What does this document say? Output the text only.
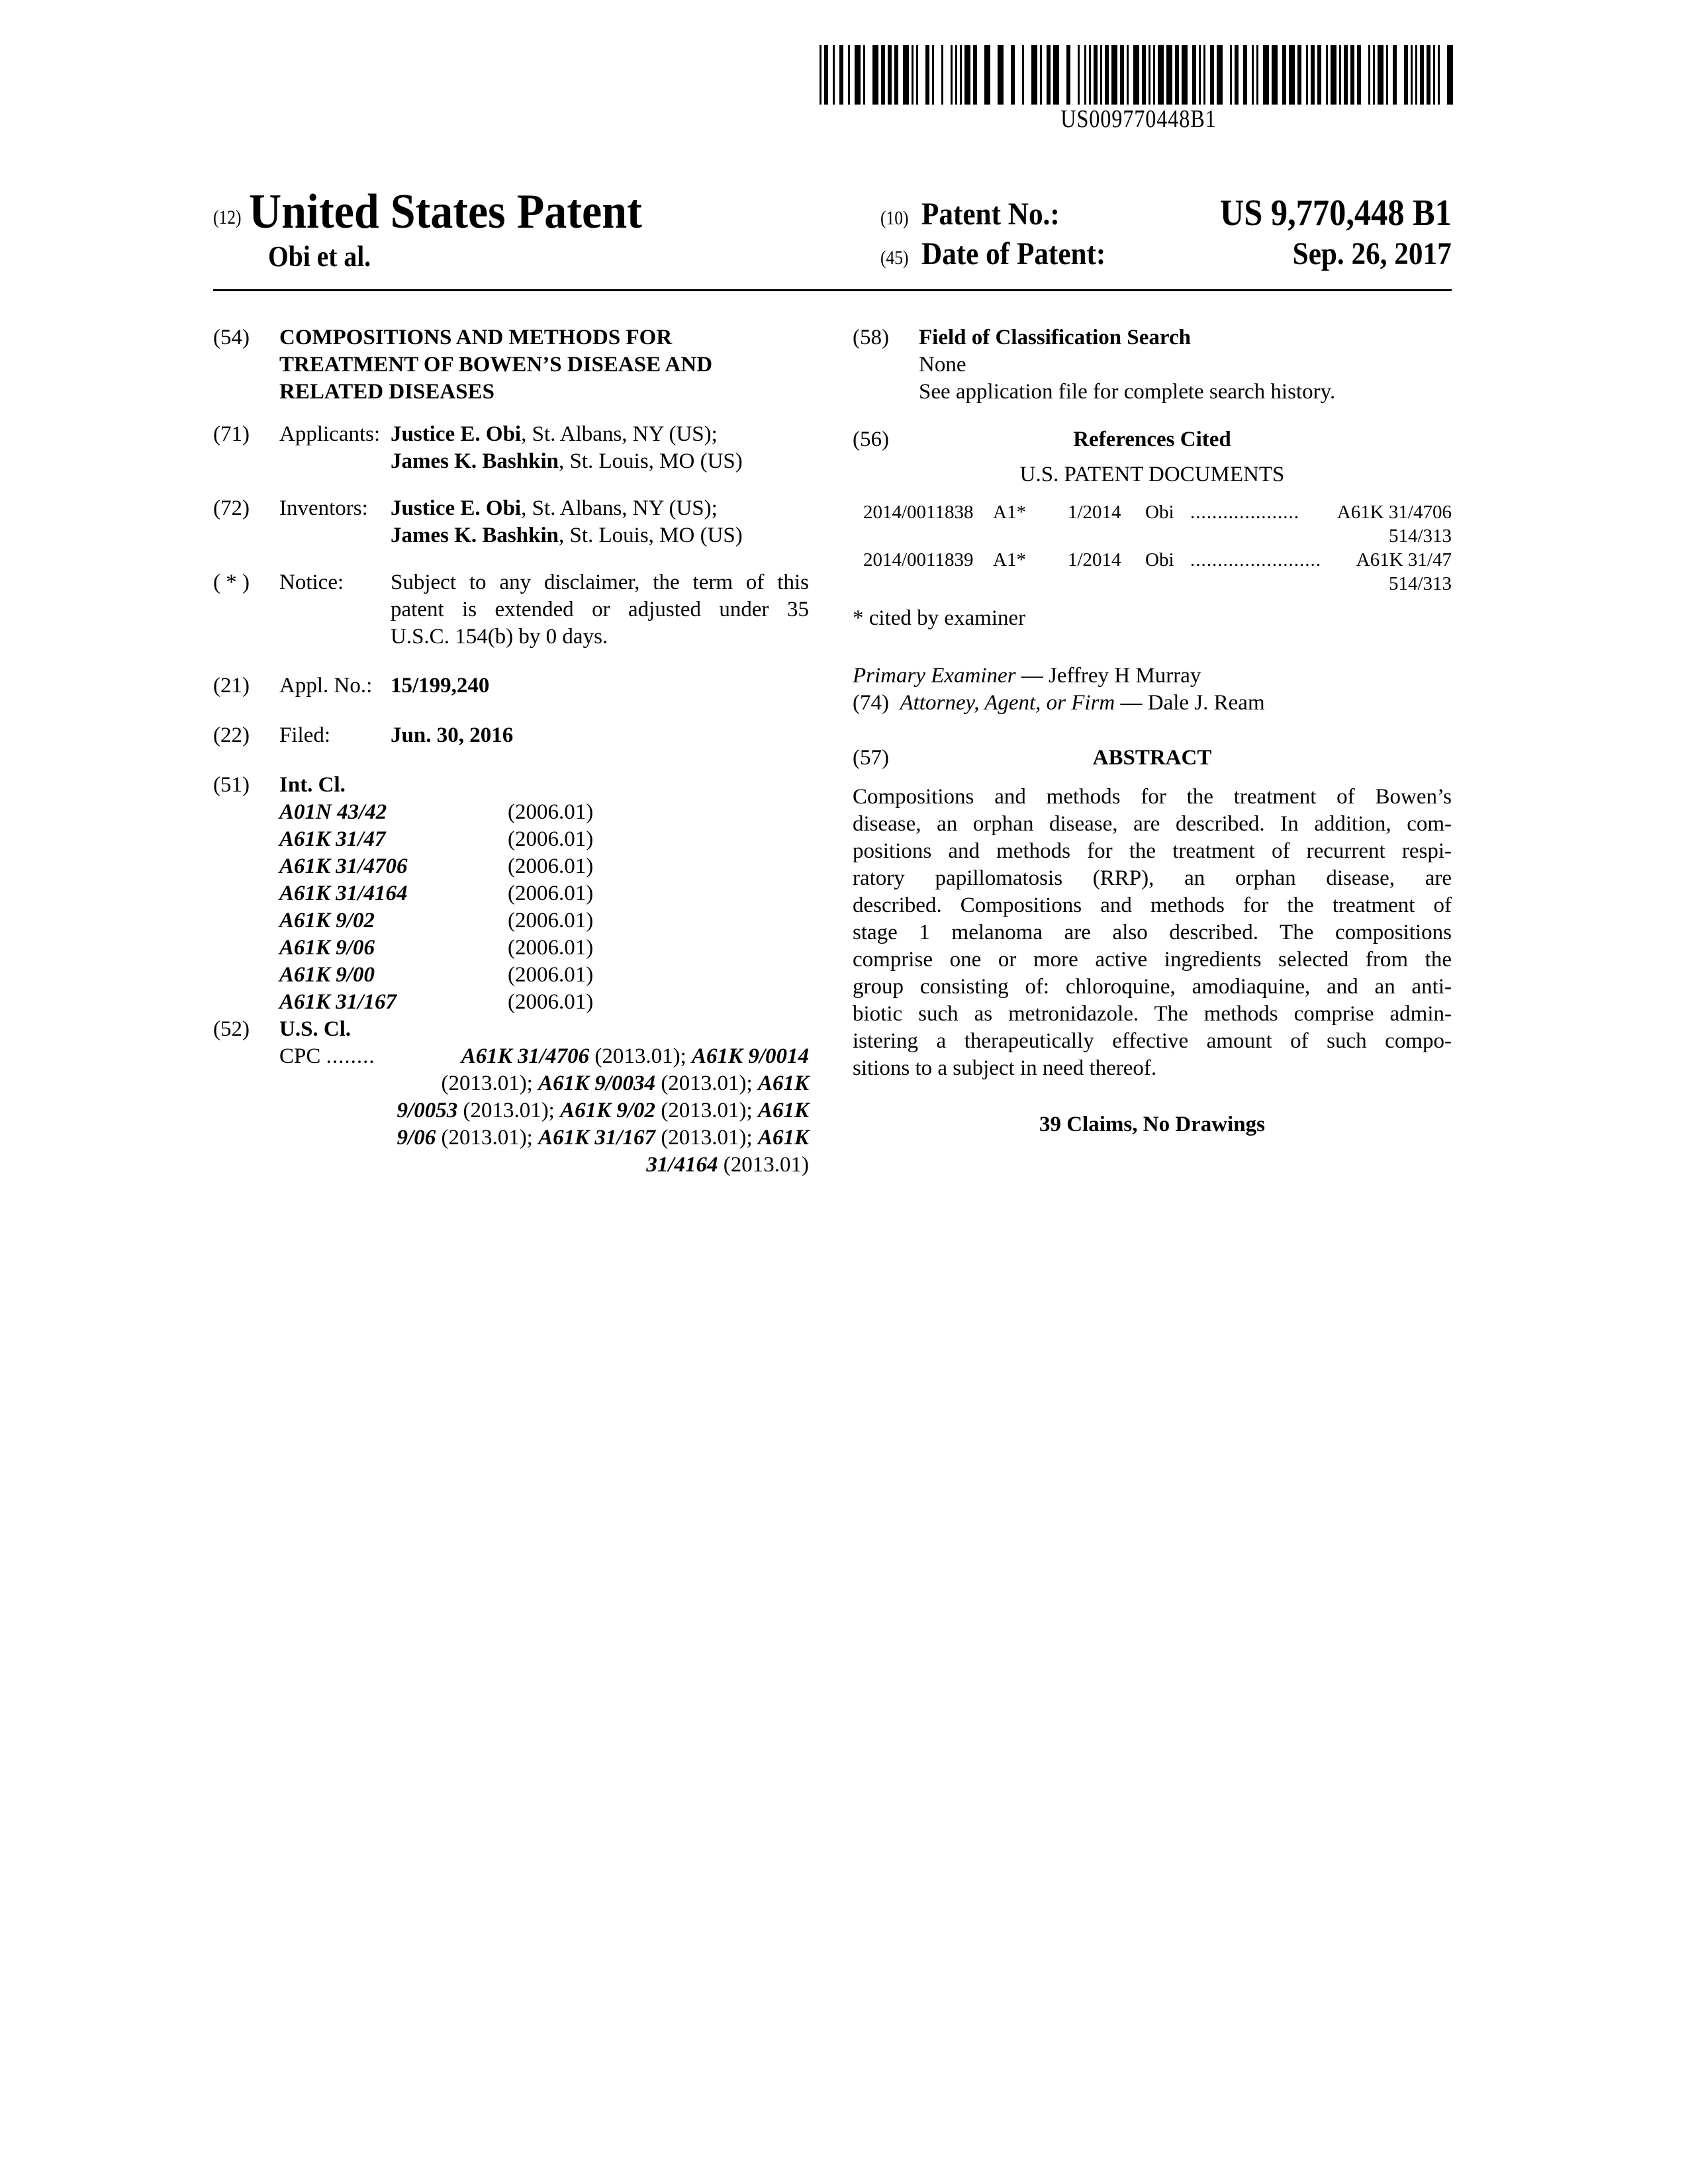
US009770448B1
(12) United States Patent
Obi et al.
(10) Patent No.:	US 9,770,448 B1
(45) Date of Patent:	Sep. 26, 2017
(54) COMPOSITIONS AND METHODS FOR
TREATMENT OF BOWEN’S DISEASE AND
RELATED DISEASES
(71) Applicants: Justice E. Obi, St. Albans, NY (US);
James K. Bashkin, St. Louis, MO (US)
(72) Inventors: Justice E. Obi, St. Albans, NY (US);
James K. Bashkin, St. Louis, MO (US)
( * ) Notice: Subject to any disclaimer, the term of this
patent is extended or adjusted under 35
U.S.C. 154(b) by 0 days.
(21) Appl. No.: 15/199,240
(22) Filed:	Jun. 30, 2016
(51) Int. Cl.
A01N 43/42	(2006.01)
A61K 31/47	(2006.01)
A61K 31/4706	(2006.01)
A61K 31/4164	(2006.01)
A61K 9/02	(2006.01)
A61K 9/06	(2006.01)
A61K 9/00	(2006.01)
A61K 31/167	(2006.01)
(52) U.S. Cl.
CPC ........	A61K 31/4706 (2013.01); A61K 9/0014
(2013.01); A61K 9/0034 (2013.01); A61K
9/0053 (2013.01); A61K 9/02 (2013.01); A61K
9/06 (2013.01); A61K 31/167 (2013.01); A61K
31/4164 (2013.01)
(58) Field of Classification Search
None
See application file for complete search history.
(56)	References Cited
U.S. PATENT DOCUMENTS
2014/0011838 A1* 1/2014 Obi .................... A61K 31/4706
514/313
2014/0011839 A1* 1/2014 Obi ........................ A61K 31/47
514/313
* cited by examiner
Primary Examiner — Jeffrey H Murray
(74) Attorney, Agent, or Firm — Dale J. Ream
(57)	ABSTRACT
Compositions and methods for the treatment of Bowen’s
disease, an orphan disease, are described. In addition, com-
positions and methods for the treatment of recurrent respi-
ratory papillomatosis (RRP), an orphan disease, are
described. Compositions and methods for the treatment of
stage 1 melanoma are also described. The compositions
comprise one or more active ingredients selected from the
group consisting of: chloroquine, amodiaquine, and an anti-
biotic such as metronidazole. The methods comprise admin-
istering a therapeutically effective amount of such compo-
sitions to a subject in need thereof.
39 Claims, No Drawings
